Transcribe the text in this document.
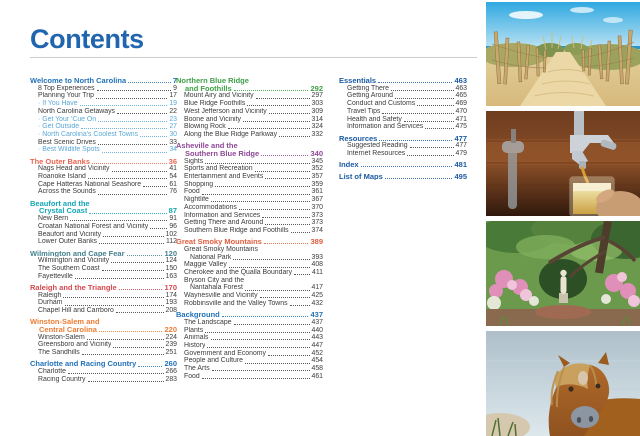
Contents
Welcome to North Carolina	7
8 Top Experiences	9
Planning Your Trip	17
· If You Have	19
North Carolina Getaways	22
· Get Your 'Cue On	23
· Get Outside	27
· North Carolina's Coolest Towns	30
Best Scenic Drives	33
· Best Wildlife Spots	34
The Outer Banks	36
Nags Head and Vicinity	41
Roanoke Island	54
Cape Hatteras National Seashore	61
Across the Sounds	76
Beaufort and the
Crystal Coast	87
New Bern	91
Croatan National Forest and Vicinity	96
Beaufort and Vicinity	102
Lower Outer Banks	112
Wilmington and Cape Fear	120
Wilmington and Vicinity	124
The Southern Coast	150
Fayetteville	163
Raleigh and the Triangle	170
Raleigh	174
Durham	193
Chapel Hill and Carrboro	208
Winston-Salem and
Central Carolina	220
Winston-Salem	224
Greensboro and Vicinity	239
The Sandhills	251
Charlotte and Racing Country	260
Charlotte	266
Racing Country	283
Northern Blue Ridge
and Foothills	292
Mount Airy and Vicinity	297
Blue Ridge Foothills	303
West Jefferson and Vicinity	309
Boone and Vicinity	314
Blowing Rock	324
Along the Blue Ridge Parkway	332
Asheville and the
Southern Blue Ridge	340
Sights	345
Sports and Recreation	352
Entertainment and Events	357
Shopping	359
Food	361
Nightlife	367
Accommodations	370
Information and Services	373
Getting There and Around	373
Southern Blue Ridge and Foothills	374
Great Smoky Mountains	389
Great Smoky Mountains
National Park	393
Maggie Valley	408
Cherokee and the Qualla Boundary	411
Bryson City and the
Nantahala Forest	417
Waynesville and Vicinity	425
Robbinsville and the Valley Towns	432
Background	437
The Landscape	437
Plants	440
Animals	443
History	447
Government and Economy	452
People and Culture	454
The Arts	458
Food	461
Essentials	463
Getting There	463
Getting Around	465
Conduct and Customs	469
Travel Tips	470
Health and Safety	471
Information and Services	475
Resources	477
Suggested Reading	477
Internet Resources	479
Index	481
List of Maps	495
